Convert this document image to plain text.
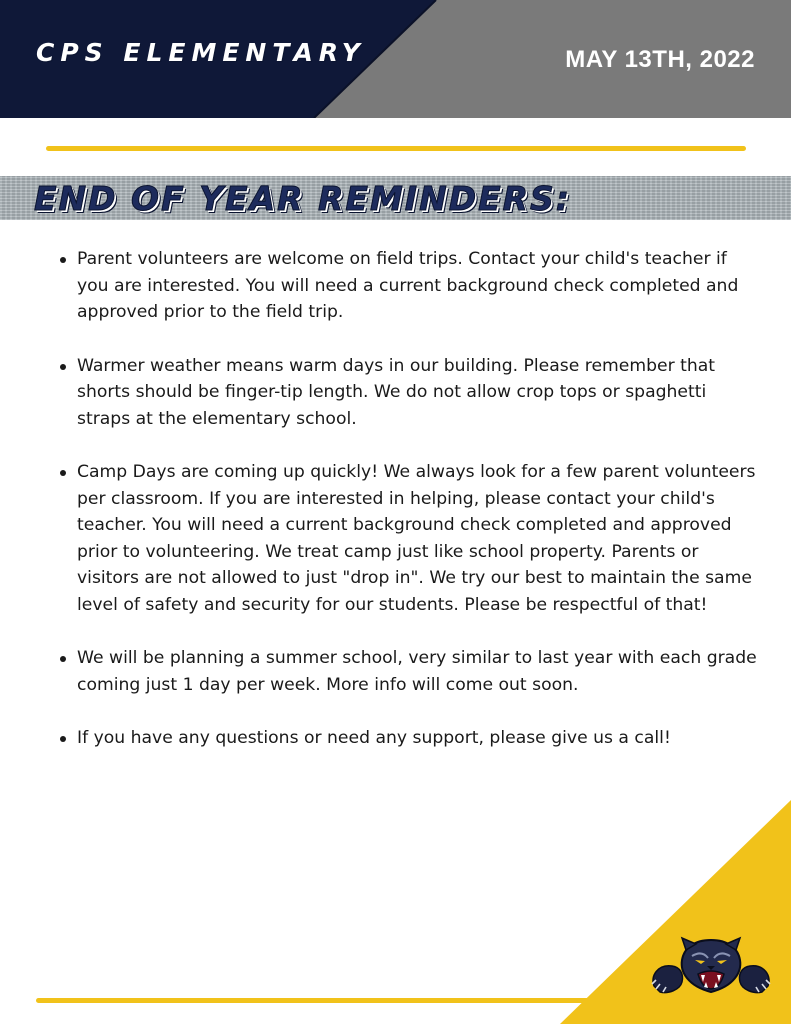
CPS ELEMENTARY	MAY 13TH, 2022
END OF YEAR REMINDERS:
Parent volunteers are welcome on field trips. Contact your child's teacher if you are interested. You will need a current background check completed and approved prior to the field trip.
Warmer weather means warm days in our building. Please remember that shorts should be finger-tip length. We do not allow crop tops or spaghetti straps at the elementary school.
Camp Days are coming up quickly! We always look for a few parent volunteers per classroom. If you are interested in helping, please contact your child's teacher. You will need a current background check completed and approved prior to volunteering. We treat camp just like school property. Parents or visitors are not allowed to just "drop in". We try our best to maintain the same level of safety and security for our students. Please be respectful of that!
We will be planning a summer school, very similar to last year with each grade coming just 1 day per week. More info will come out soon.
If you have any questions or need any support, please give us a call!
